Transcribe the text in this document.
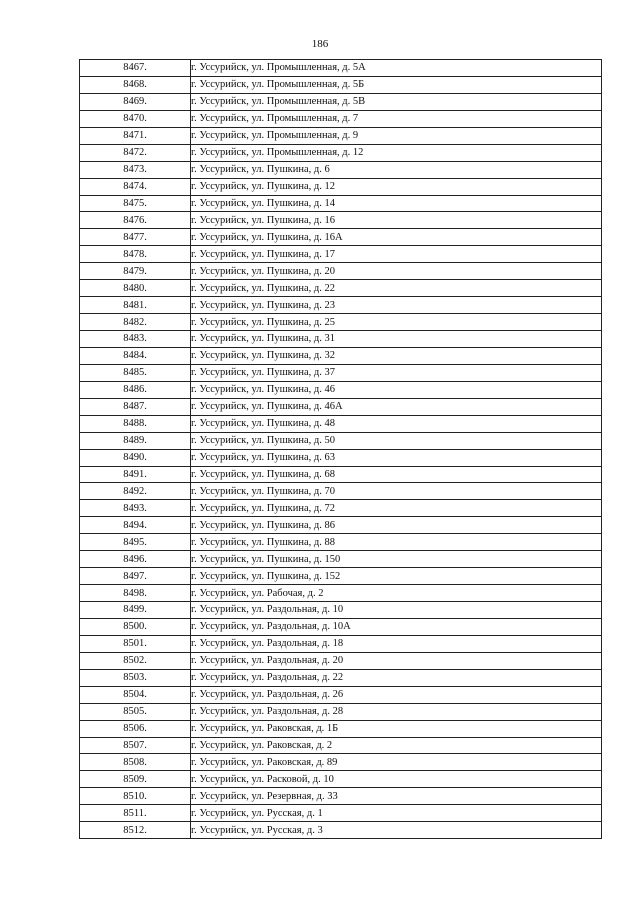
186
8467.	г. Уссурийск, ул. Промышленная, д. 5А
8468.	г. Уссурийск, ул. Промышленная, д. 5Б
8469.	г. Уссурийск, ул. Промышленная, д. 5В
8470.	г. Уссурийск, ул. Промышленная, д. 7
8471.	г. Уссурийск, ул. Промышленная, д. 9
8472.	г. Уссурийск, ул. Промышленная, д. 12
8473.	г. Уссурийск, ул. Пушкина, д. 6
8474.	г. Уссурийск, ул. Пушкина, д. 12
8475.	г. Уссурийск, ул. Пушкина, д. 14
8476.	г. Уссурийск, ул. Пушкина, д. 16
8477.	г. Уссурийск, ул. Пушкина, д. 16А
8478.	г. Уссурийск, ул. Пушкина, д. 17
8479.	г. Уссурийск, ул. Пушкина, д. 20
8480.	г. Уссурийск, ул. Пушкина, д. 22
8481.	г. Уссурийск, ул. Пушкина, д. 23
8482.	г. Уссурийск, ул. Пушкина, д. 25
8483.	г. Уссурийск, ул. Пушкина, д. 31
8484.	г. Уссурийск, ул. Пушкина, д. 32
8485.	г. Уссурийск, ул. Пушкина, д. 37
8486.	г. Уссурийск, ул. Пушкина, д. 46
8487.	г. Уссурийск, ул. Пушкина, д. 46А
8488.	г. Уссурийск, ул. Пушкина, д. 48
8489.	г. Уссурийск, ул. Пушкина, д. 50
8490.	г. Уссурийск, ул. Пушкина, д. 63
8491.	г. Уссурийск, ул. Пушкина, д. 68
8492.	г. Уссурийск, ул. Пушкина, д. 70
8493.	г. Уссурийск, ул. Пушкина, д. 72
8494.	г. Уссурийск, ул. Пушкина, д. 86
8495.	г. Уссурийск, ул. Пушкина, д. 88
8496.	г. Уссурийск, ул. Пушкина, д. 150
8497.	г. Уссурийск, ул. Пушкина, д. 152
8498.	г. Уссурийск, ул. Рабочая, д. 2
8499.	г. Уссурийск, ул. Раздольная, д. 10
8500.	г. Уссурийск, ул. Раздольная, д. 10А
8501.	г. Уссурийск, ул. Раздольная, д. 18
8502.	г. Уссурийск, ул. Раздольная, д. 20
8503.	г. Уссурийск, ул. Раздольная, д. 22
8504.	г. Уссурийск, ул. Раздольная, д. 26
8505.	г. Уссурийск, ул. Раздольная, д. 28
8506.	г. Уссурийск, ул. Раковская, д. 1Б
8507.	г. Уссурийск, ул. Раковская, д. 2
8508.	г. Уссурийск, ул. Раковская, д. 89
8509.	г. Уссурийск, ул. Расковой, д. 10
8510.	г. Уссурийск, ул. Резервная, д. 33
8511.	г. Уссурийск, ул. Русская, д. 1
8512.	г. Уссурийск, ул. Русская, д. 3
